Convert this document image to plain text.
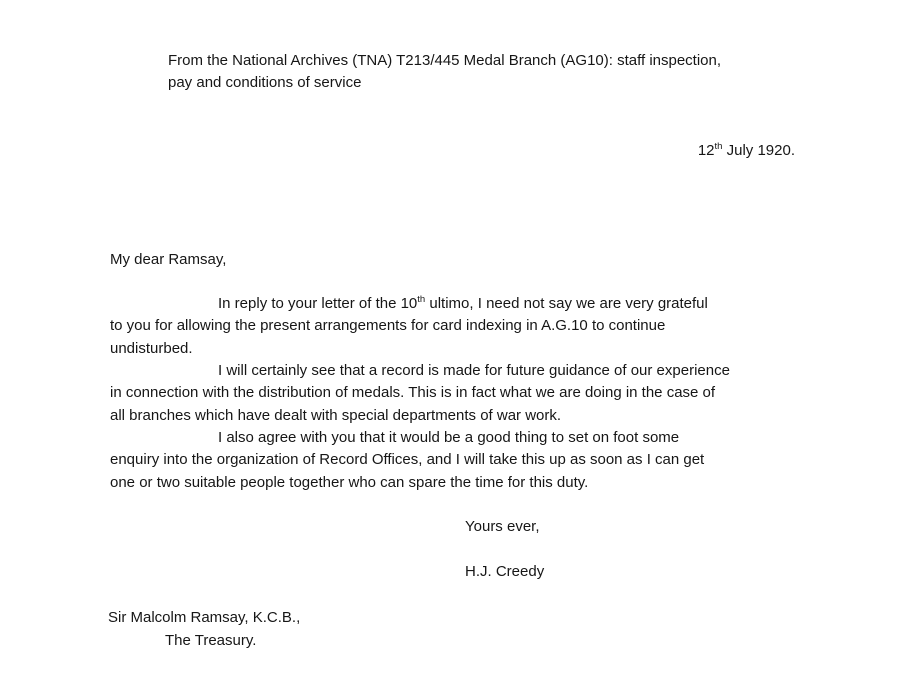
From the National Archives (TNA) T213/445 Medal Branch (AG10): staff inspection,
pay and conditions of service
12th July 1920.
My dear Ramsay,
In reply to your letter of the 10th ultimo, I need not say we are very grateful
to you for allowing the present arrangements for card indexing in A.G.10 to continue
undisturbed.
I will certainly see that a record is made for future guidance of our experience
in connection with the distribution of medals. This is in fact what we are doing in the case of
all branches which have dealt with special departments of war work.
I also agree with you that it would be a good thing to set on foot some
enquiry into the organization of Record Offices, and I will take this up as soon as I can get
one or two suitable people together who can spare the time for this duty.
Yours ever,
H.J. Creedy
Sir Malcolm Ramsay, K.C.B.,
The Treasury.
